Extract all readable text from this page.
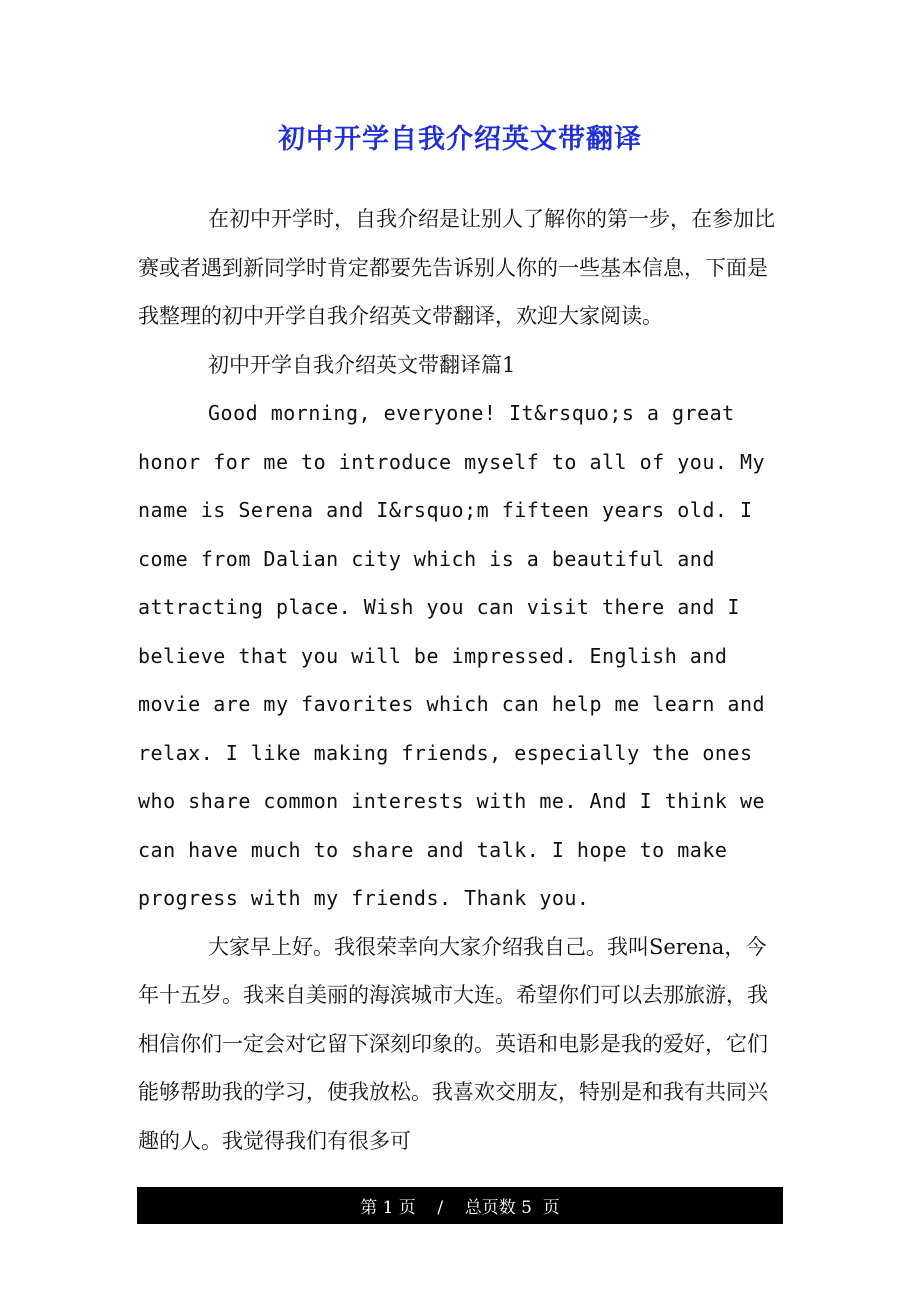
初中开学自我介绍英文带翻译

在初中开学时，自我介绍是让别人了解你的第一步，在参加比赛或者遇到新同学时肯定都要先告诉别人你的一些基本信息，下面是我整理的初中开学自我介绍英文带翻译，欢迎大家阅读。

初中开学自我介绍英文带翻译篇1

Good morning, everyone! It&rsquo;s a great honor for me to introduce myself to all of you. My name is Serena and I&rsquo;m fifteen years old. I come from Dalian city which is a beautiful and attracting place. Wish you can visit there and I believe that you will be impressed. English and movie are my favorites which can help me learn and relax. I like making friends, especially the ones who share common interests with me. And I think we can have much to share and talk. I hope to make progress with my friends. Thank you.

大家早上好。我很荣幸向大家介绍我自己。我叫Serena，今年十五岁。我来自美丽的海滨城市大连。希望你们可以去那旅游，我相信你们一定会对它留下深刻印象的。英语和电影是我的爱好，它们能够帮助我的学习，使我放松。我喜欢交朋友，特别是和我有共同兴趣的人。我觉得我们有很多可

第 1 页    /    总页数 5  页
